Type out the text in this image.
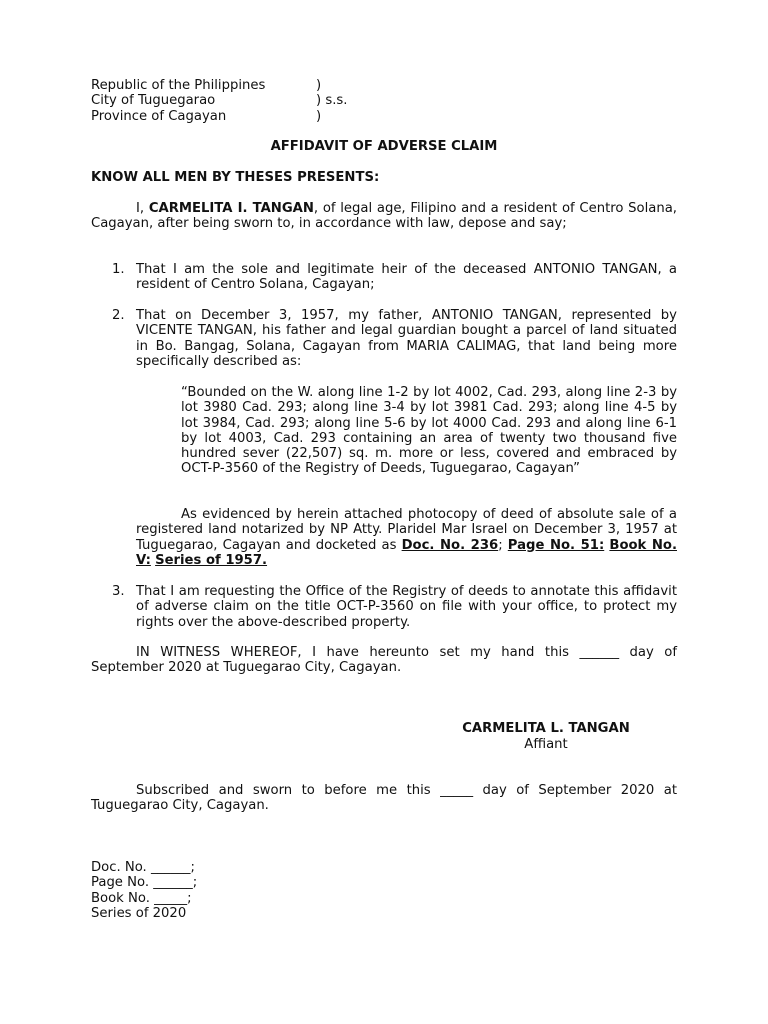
Republic of the Philippines	)
City of Tuguegarao	) s.s.
Province of Cagayan	)
AFFIDAVIT OF ADVERSE CLAIM
KNOW ALL MEN BY THESES PRESENTS:
I, CARMELITA I. TANGAN, of legal age, Filipino and a resident of Centro Solana, Cagayan, after being sworn to, in accordance with law, depose and say;
1. That I am the sole and legitimate heir of the deceased ANTONIO TANGAN, a resident of Centro Solana, Cagayan;
2. That on December 3, 1957, my father, ANTONIO TANGAN, represented by VICENTE TANGAN, his father and legal guardian bought a parcel of land situated in Bo. Bangag, Solana, Cagayan from MARIA CALIMAG, that land being more specifically described as:
“Bounded on the W. along line 1-2 by lot 4002, Cad. 293, along line 2-3 by lot 3980 Cad. 293; along line 3-4 by lot 3981 Cad. 293; along line 4-5 by lot 3984, Cad. 293; along line 5-6 by lot 4000 Cad. 293 and along line 6-1 by lot 4003, Cad. 293 containing an area of twenty two thousand five hundred sever (22,507) sq. m. more or less, covered and embraced by OCT-P-3560 of the Registry of Deeds, Tuguegarao, Cagayan”
As evidenced by herein attached photocopy of deed of absolute sale of a registered land notarized by NP Atty. Plaridel Mar Israel on December 3, 1957 at Tuguegarao, Cagayan and docketed as Doc. No. 236; Page No. 51: Book No. V: Series of 1957.
3. That I am requesting the Office of the Registry of deeds to annotate this affidavit of adverse claim on the title OCT-P-3560 on file with your office, to protect my rights over the above-described property.
IN WITNESS WHEREOF, I have hereunto set my hand this ______ day of September 2020 at Tuguegarao City, Cagayan.
CARMELITA L. TANGAN
Affiant
Subscribed and sworn to before me this _____ day of September 2020 at Tuguegarao City, Cagayan.
Doc. No. ______;
Page No. ______;
Book No. _____;
Series of 2020
